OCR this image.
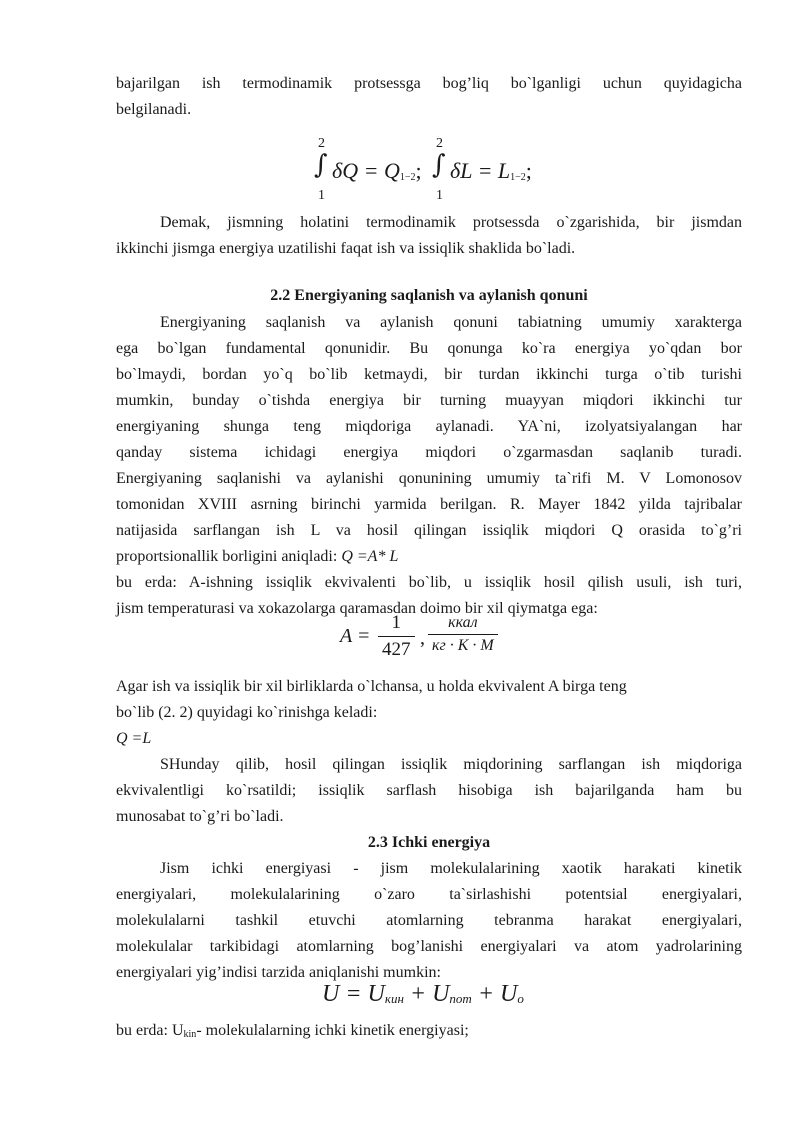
bajarilgan ish termodinamik protsessga bog’liq bo`lganligi uchun quyidagicha
belgilanadi.
2
∫
1
$\delta Q = Q_{1-2}$;
2
∫
1
$\delta L = L_{1-2}$;
Demak, jismning holatini termodinamik protsessda o`zgarishida, bir jismdan
ikkinchi jismga energiya uzatilishi faqat ish va issiqlik shaklida bo`ladi.
2.2 Energiyaning saqlanish va aylanish qonuni
Energiyaning saqlanish va aylanish qonuni tabiatning umumiy xarakterga
ega bo`lgan fundamental qonunidir. Bu qonunga ko`ra energiya yo`qdan bor
bo`lmaydi, bordan yo`q bo`lib ketmaydi, bir turdan ikkinchi turga o`tib turishi
mumkin, bunday o`tishda energiya bir turning muayyan miqdori ikkinchi tur
energiyaning shunga teng miqdoriga aylanadi. YA`ni, izolyatsiyalangan har
qanday sistema ichidagi energiya miqdori o`zgarmasdan saqlanib turadi.
Energiyaning saqlanishi va aylanishi qonunining umumiy ta`rifi M. V Lomonosov
tomonidan XVIII asrning birinchi yarmida berilgan. R. Mayer 1842 yilda tajribalar
natijasida sarflangan ish L va hosil qilingan issiqlik miqdori Q orasida to`g’ri
proportsionallik borligini aniqladi: Q =A* L
bu erda: A-ishning issiqlik ekvivalenti bo`lib, u issiqlik hosil qilish usuli, ish turi,
jism temperaturasi va xokazolarga qaramasdan doimo bir xil qiymatga ega:
$A = \frac{1}{427}$ ,
ккал
кг · K · M
Agar ish va issiqlik bir xil birliklarda o`lchansa, u holda ekvivalent A birga teng
bo`lib (2. 2) quyidagi ko`rinishga keladi:
Q =L
SHunday qilib, hosil qilingan issiqlik miqdorining sarflangan ish miqdoriga
ekvivalentligi ko`rsatildi; issiqlik sarflash hisobiga ish bajarilganda ham bu
munosabat to`g’ri bo`ladi.
2.3 Ichki energiya
Jism ichki energiyasi - jism molekulalarining xaotik harakati kinetik
energiyalari, molekulalarining o`zaro ta`sirlashishi potentsial energiyalari,
molekulalarni tashkil etuvchi atomlarning tebranma harakat energiyalari,
molekulalar tarkibidagi atomlarning bog’lanishi energiyalari va atom yadrolarining
energiyalari yig’indisi tarzida aniqlanishi mumkin:
$U = U_{кин} + U_{пот} + U_o$
bu erda: $U_{kin}-$ molekulalarning ichki kinetik energiyasi;
